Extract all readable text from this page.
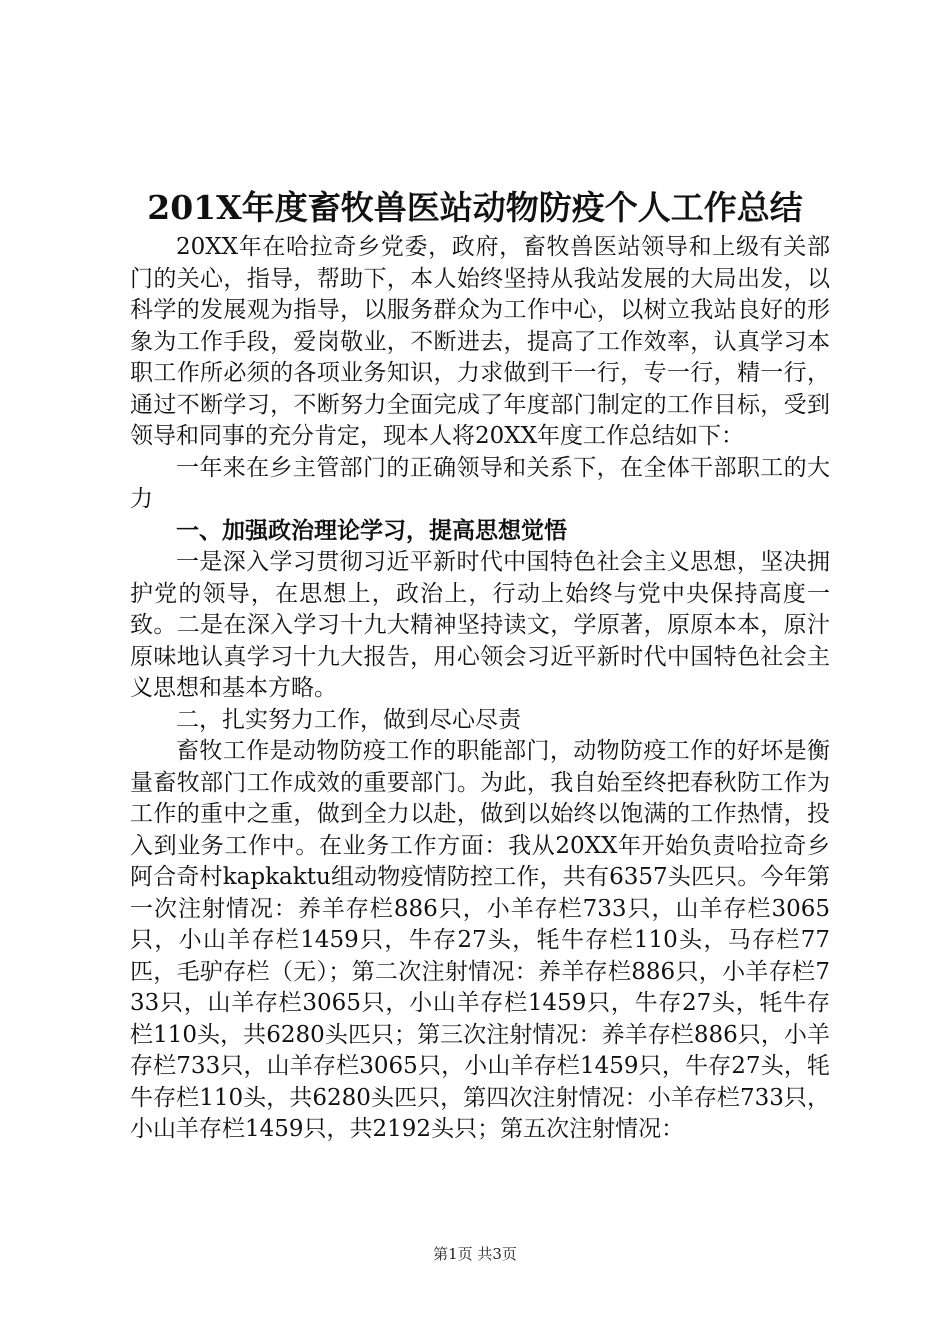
201X年度畜牧兽医站动物防疫个人工作总结

20XX年在哈拉奇乡党委，政府，畜牧兽医站领导和上级有关部门的关心，指导，帮助下，本人始终坚持从我站发展的大局出发，以科学的发展观为指导，以服务群众为工作中心，以树立我站良好的形象为工作手段，爱岗敬业，不断进去，提高了工作效率，认真学习本职工作所必须的各项业务知识，力求做到干一行，专一行，精一行，通过不断学习，不断努力全面完成了年度部门制定的工作目标，受到领导和同事的充分肯定，现本人将20XX年度工作总结如下：

一年来在乡主管部门的正确领导和关系下，在全体干部职工的大力

一、加强政治理论学习，提高思想觉悟

一是深入学习贯彻习近平新时代中国特色社会主义思想，坚决拥护党的领导，在思想上，政治上，行动上始终与党中央保持高度一致。二是在深入学习十九大精神坚持读文，学原著，原原本本，原汁原味地认真学习十九大报告，用心领会习近平新时代中国特色社会主义思想和基本方略。

二，扎实努力工作，做到尽心尽责

畜牧工作是动物防疫工作的职能部门，动物防疫工作的好坏是衡量畜牧部门工作成效的重要部门。为此，我自始至终把春秋防工作为工作的重中之重，做到全力以赴，做到以始终以饱满的工作热情，投入到业务工作中。在业务工作方面：我从20XX年开始负责哈拉奇乡阿合奇村kapkaktu组动物疫情防控工作，共有6357头匹只。今年第一次注射情况：养羊存栏886只，小羊存栏733只，山羊存栏3065只，小山羊存栏1459只，牛存27头，牦牛存栏110头，马存栏77匹，毛驴存栏（无）；第二次注射情况：养羊存栏886只，小羊存栏733只，山羊存栏3065只，小山羊存栏1459只，牛存27头，牦牛存栏110头，共6280头匹只；第三次注射情况：养羊存栏886只，小羊存栏733只，山羊存栏3065只，小山羊存栏1459只，牛存27头，牦牛存栏110头，共6280头匹只，第四次注射情况：小羊存栏733只，小山羊存栏1459只，共2192头只；第五次注射情况：

第1页 共3页
